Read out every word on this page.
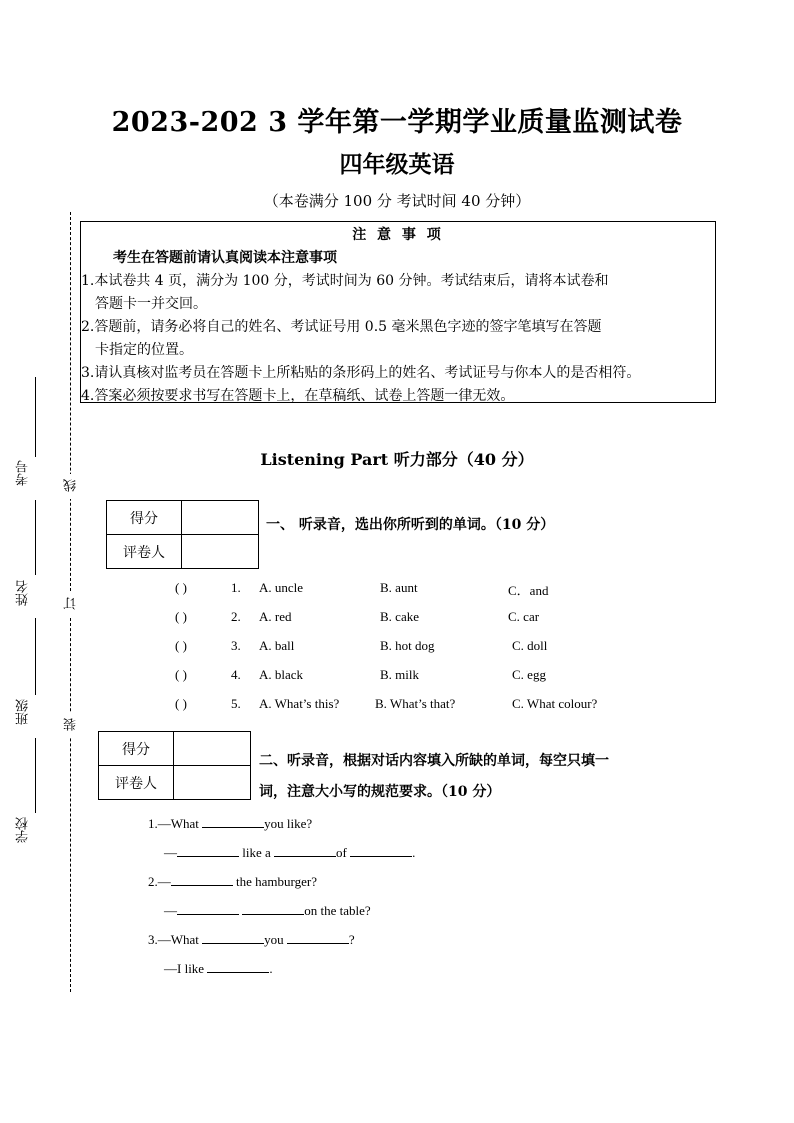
2023-202 3 学年第一学期学业质量监测试卷
四年级英语
（本卷满分 100 分 考试时间 40 分钟）
注 意 事 项
考生在答题前请认真阅读本注意事项
1.本试卷共 4 页，满分为 100 分，考试时间为 60 分钟。考试结束后，请将本试卷和
答题卡一并交回。
2.答题前，请务必将自己的姓名、考试证号用 0.5 毫米黑色字迹的签字笔填写在答题
卡指定的位置。
3.请认真核对监考员在答题卡上所粘贴的条形码上的姓名、考试证号与你本人的是否相符。
4.答案必须按要求书写在答题卡上，在草稿纸、试卷上答题一律无效。
Listening Part 听力部分（40 分）
得分	
评卷人	
一、 听录音，选出你所听到的单词。（10 分）
( )	1. A. uncle	B. aunt	C．and
( )	2. A. red	B. cake	C. car
( )	3. A. ball	B. hot dog	C. doll
( )	4. A. black	B. milk	C. egg
( )	5. A. What’s this?	B. What’s that?	C. What colour?
得分	
评卷人	
二、听录音，根据对话内容填入所缺的单词，每空只填一
词，注意大小写的规范要求。（10 分）
1.—What	you like?
—	like a	of	.
2.—	the hamburger?
—	on the table?
3.—What	you	?
—I like	.
线
订
装
考号
姓名
班级
学校
